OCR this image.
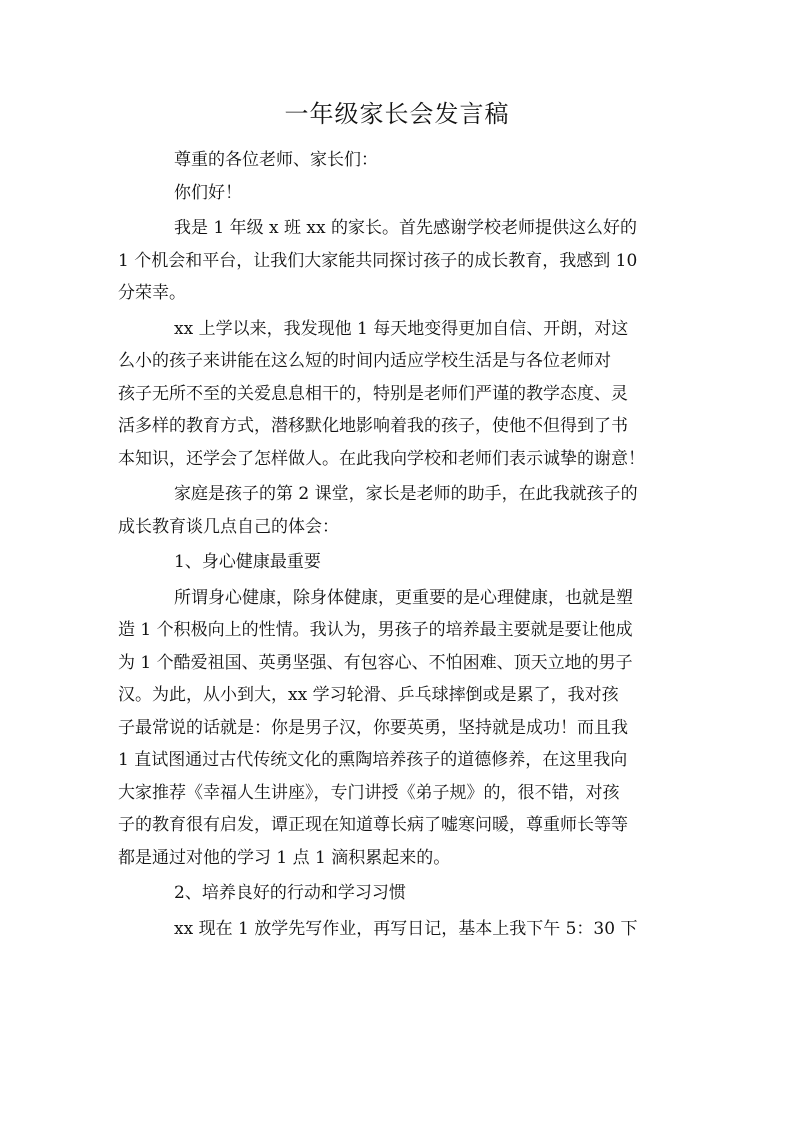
一年级家长会发言稿
尊重的各位老师、家长们：
你们好！
我是 1 年级 x 班 xx 的家长。首先感谢学校老师提供这么好的
1 个机会和平台，让我们大家能共同探讨孩子的成长教育，我感到 10
分荣幸。
xx 上学以来，我发现他 1 每天地变得更加自信、开朗，对这
么小的孩子来讲能在这么短的时间内适应学校生活是与各位老师对
孩子无所不至的关爱息息相干的，特别是老师们严谨的教学态度、灵
活多样的教育方式，潜移默化地影响着我的孩子，使他不但得到了书
本知识，还学会了怎样做人。在此我向学校和老师们表示诚挚的谢意！
家庭是孩子的第 2 课堂，家长是老师的助手，在此我就孩子的
成长教育谈几点自己的体会：
1、身心健康最重要
所谓身心健康，除身体健康，更重要的是心理健康，也就是塑
造 1 个积极向上的性情。我认为，男孩子的培养最主要就是要让他成
为 1 个酷爱祖国、英勇坚强、有包容心、不怕困难、顶天立地的男子
汉。为此，从小到大，xx 学习轮滑、乒乓球摔倒或是累了，我对孩
子最常说的话就是：你是男子汉，你要英勇，坚持就是成功！而且我
1 直试图通过古代传统文化的熏陶培养孩子的道德修养，在这里我向
大家推荐《幸福人生讲座》，专门讲授《弟子规》的，很不错，对孩
子的教育很有启发，谭正现在知道尊长病了嘘寒问暖，尊重师长等等
都是通过对他的学习 1 点 1 滴积累起来的。
2、培养良好的行动和学习习惯
xx 现在 1 放学先写作业，再写日记，基本上我下午 5：30 下
